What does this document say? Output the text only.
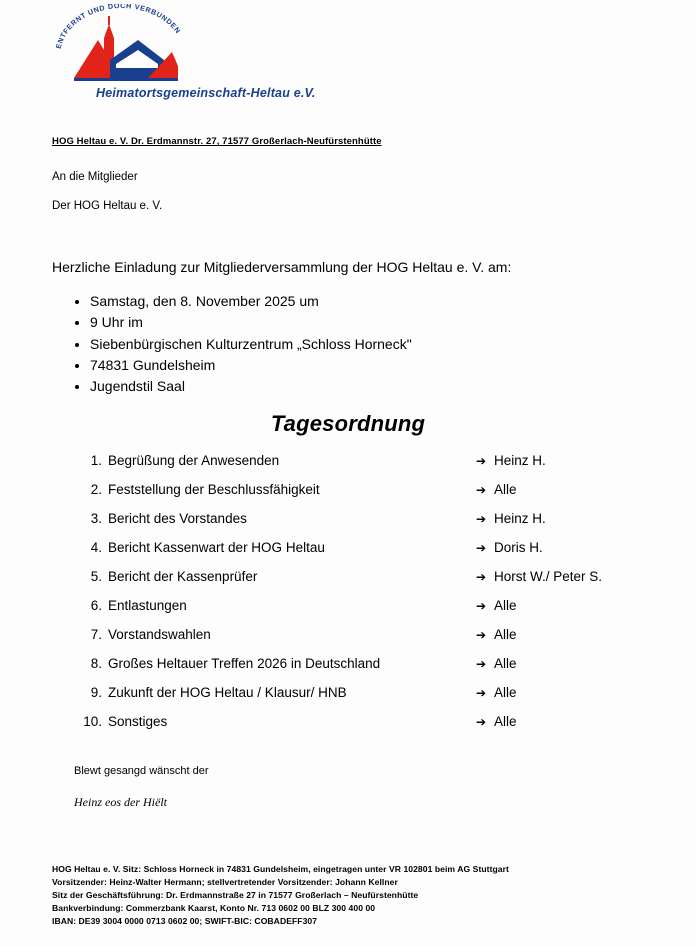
ENTFERNT UND DOCH VERBUNDEN
Heimatortsgemeinschaft-Heltau e.V.
HOG Heltau e. V. Dr. Erdmannstr. 27, 71577 Großerlach-Neufürstenhütte
An die Mitglieder
Der HOG Heltau e. V.
Herzliche Einladung zur Mitgliederversammlung der HOG Heltau e. V. am:
• Samstag, den 8. November 2025 um
• 9 Uhr im
• Siebenbürgischen Kulturzentrum „Schloss Horneck"
• 74831 Gundelsheim
• Jugendstil Saal
Tagesordnung
1. Begrüßung der Anwesenden	➔ Heinz H.
2. Feststellung der Beschlussfähigkeit	➔ Alle
3. Bericht des Vorstandes	➔ Heinz H.
4. Bericht Kassenwart der HOG Heltau	➔ Doris H.
5. Bericht der Kassenprüfer	➔ Horst W./ Peter S.
6. Entlastungen	➔ Alle
7. Vorstandswahlen	➔ Alle
8. Großes Heltauer Treffen 2026 in Deutschland	➔ Alle
9. Zukunft der HOG Heltau / Klausur/ HNB	➔ Alle
10. Sonstiges	➔ Alle
Blewt gesangd wänscht der
Heinz eos der Hiëlt
HOG Heltau e. V. Sitz: Schloss Horneck in 74831 Gundelsheim, eingetragen unter VR 102801 beim AG Stuttgart
Vorsitzender: Heinz-Walter Hermann; stellvertretender Vorsitzender: Johann Kellner
Sitz der Geschäftsführung: Dr. Erdmannstraße 27 in 71577 Großerlach – Neufürstenhütte
Bankverbindung: Commerzbank Kaarst, Konto Nr. 713 0602 00 BLZ 300 400 00
IBAN: DE39 3004 0000 0713 0602 00; SWIFT-BIC: COBADEFF307
